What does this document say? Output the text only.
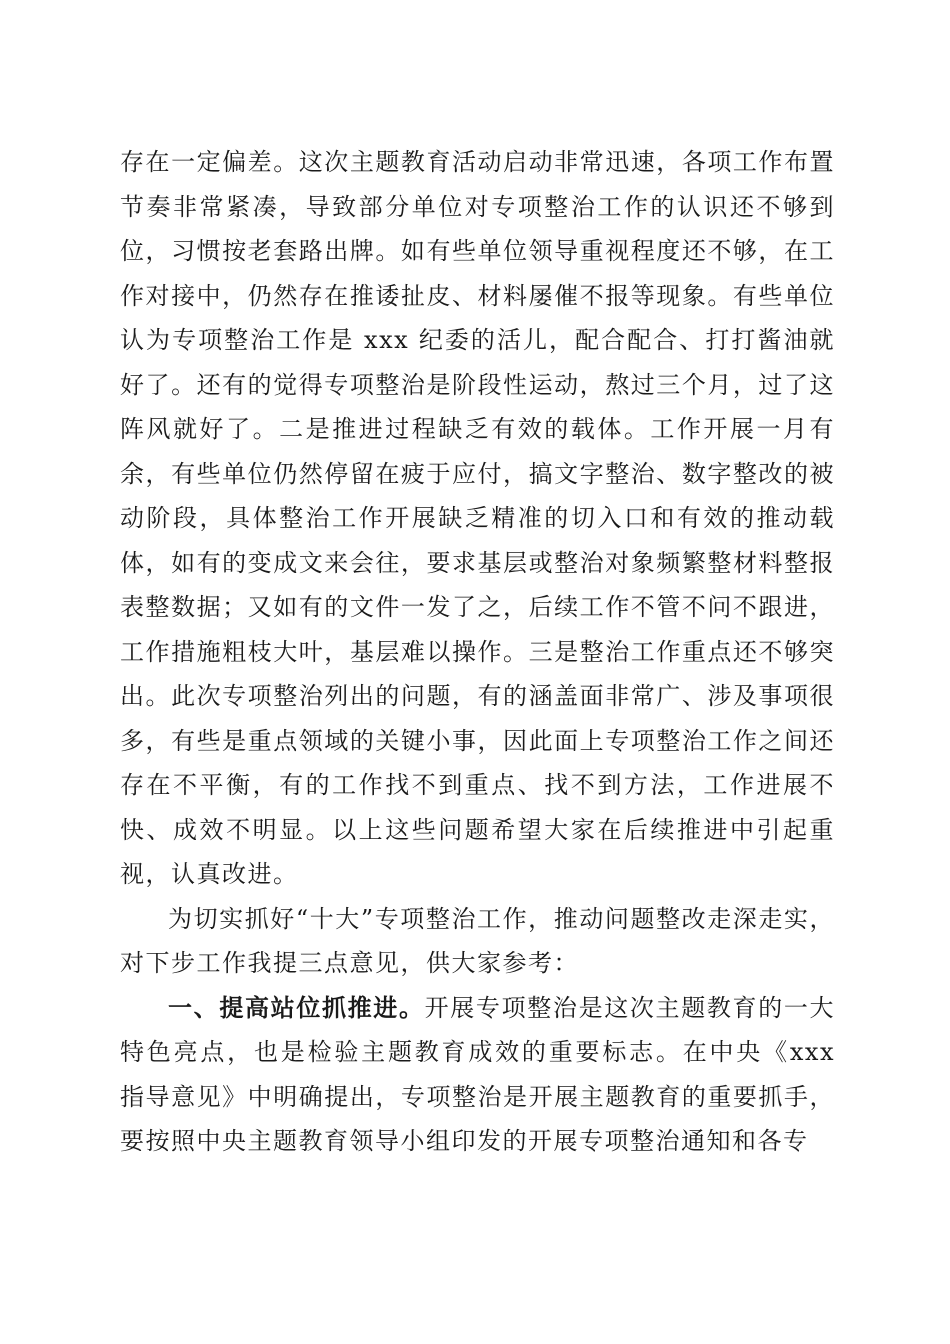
存在一定偏差。这次主题教育活动启动非常迅速，各项工作布置节奏非常紧凑，导致部分单位对专项整治工作的认识还不够到位，习惯按老套路出牌。如有些单位领导重视程度还不够，在工作对接中，仍然存在推诿扯皮、材料屡催不报等现象。有些单位认为专项整治工作是 xxx 纪委的活儿，配合配合、打打酱油就好了。还有的觉得专项整治是阶段性运动，熬过三个月，过了这阵风就好了。二是推进过程缺乏有效的载体。工作开展一月有余，有些单位仍然停留在疲于应付，搞文字整治、数字整改的被动阶段，具体整治工作开展缺乏精准的切入口和有效的推动载体，如有的变成文来会往，要求基层或整治对象频繁整材料整报表整数据；又如有的文件一发了之，后续工作不管不问不跟进，工作措施粗枝大叶，基层难以操作。三是整治工作重点还不够突出。此次专项整治列出的问题，有的涵盖面非常广、涉及事项很多，有些是重点领域的关键小事，因此面上专项整治工作之间还存在不平衡，有的工作找不到重点、找不到方法，工作进展不快、成效不明显。以上这些问题希望大家在后续推进中引起重视，认真改进。

为切实抓好“十大”专项整治工作，推动问题整改走深走实，对下步工作我提三点意见，供大家参考：

一、提高站位抓推进。开展专项整治是这次主题教育的一大特色亮点，也是检验主题教育成效的重要标志。在中央《xxx 指导意见》中明确提出，专项整治是开展主题教育的重要抓手，要按照中央主题教育领导小组印发的开展专项整治通知和各专
